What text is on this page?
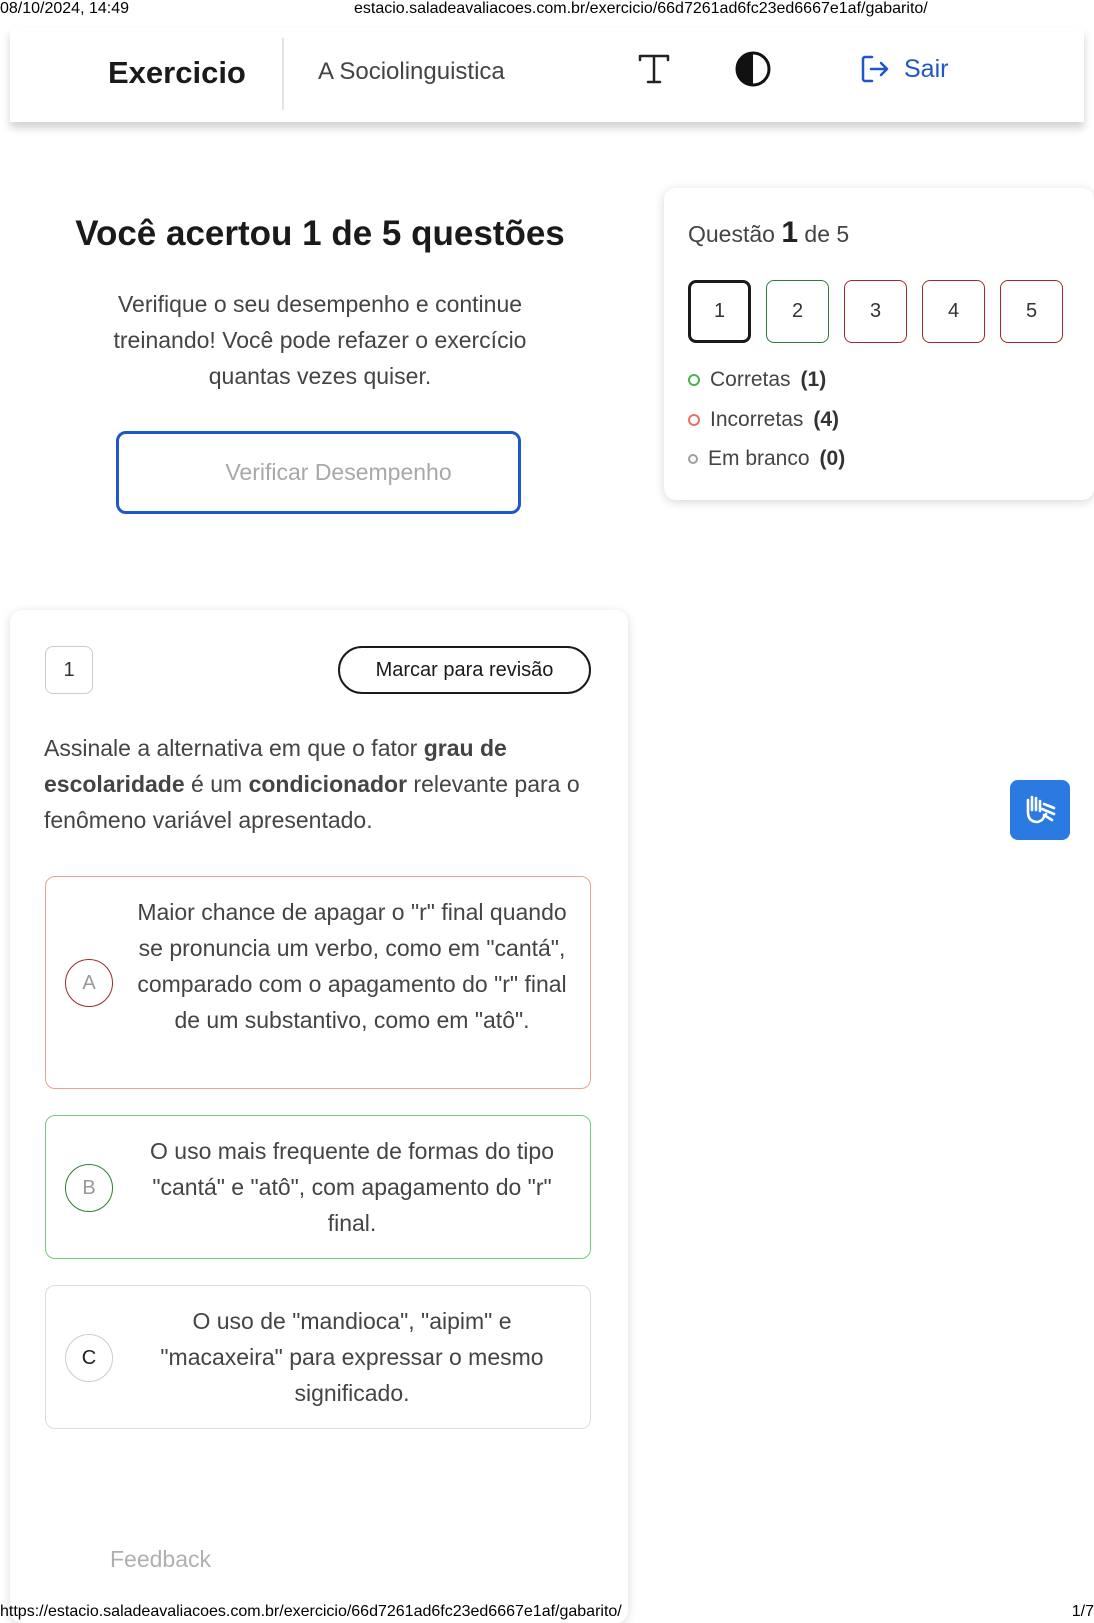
08/10/2024, 14:49	estacio.saladeavaliacoes.com.br/exercicio/66d7261ad6fc23ed6667e1af/gabarito/
Exercicio	A Sociolinguistica	Sair
Você acertou 1 de 5 questões
Verifique o seu desempenho e continue treinando! Você pode refazer o exercício quantas vezes quiser.
Verificar Desempenho
Questão 1 de 5
1	2	3	4	5
Corretas (1)
Incorretas (4)
Em branco (0)
1	Marcar para revisão
Assinale a alternativa em que o fator grau de escolaridade é um condicionador relevante para o fenômeno variável apresentado.
A
Maior chance de apagar o "r" final quando se pronuncia um verbo, como em "cantá", comparado com o apagamento do "r" final de um substantivo, como em "atô".
B
O uso mais frequente de formas do tipo "cantá" e "atô", com apagamento do "r" final.
C
O uso de "mandioca", "aipim" e "macaxeira" para expressar o mesmo significado.
Feedback
https://estacio.saladeavaliacoes.com.br/exercicio/66d7261ad6fc23ed6667e1af/gabarito/	1/7
